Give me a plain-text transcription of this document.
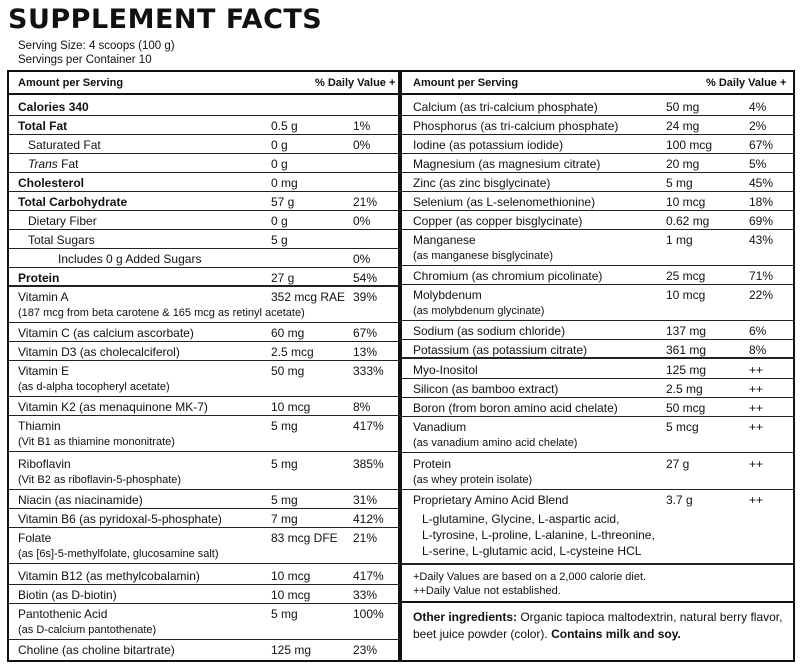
SUPPLEMENT FACTS
Serving Size: 4 scoops (100 g)
Servings per Container 10
Amount per Serving	% Daily Value + Amount per Serving	% Daily Value +
Calories 340
Total Fat	0.5 g	1%
Saturated Fat	0 g	0%
Trans Fat	0 g
Cholesterol	0 mg
Total Carbohydrate	57 g	21%
Dietary Fiber	0 g	0%
Total Sugars	5 g
Includes 0 g Added Sugars	0%
Protein	27 g	54%
Vitamin A	352 mcg RAE 39%
(187 mcg from beta carotene & 165 mcg as retinyl acetate)
Vitamin C (as calcium ascorbate)	60 mg	67%
Vitamin D3 (as cholecalciferol)	2.5 mcg	13%
Vitamin E	50 mg	333%
(as d-alpha tocopheryl acetate)
Vitamin K2 (as menaquinone MK-7)	10 mcg	8%
Thiamin	5 mg	417%
(Vit B1 as thiamine mononitrate)
Riboflavin	5 mg	385%
(Vit B2 as riboflavin-5-phosphate)
Niacin (as niacinamide)	5 mg	31%
Vitamin B6 (as pyridoxal-5-phosphate)	7 mg	412%
Folate	83 mcg DFE 21%
(as [6s]-5-methylfolate, glucosamine salt)
Vitamin B12 (as methylcobalamin)	10 mcg	417%
Biotin (as D-biotin)	10 mcg	33%
Pantothenic Acid	5 mg	100%
(as D-calcium pantothenate)
Choline (as choline bitartrate)	125 mg	23%
Calcium (as tri-calcium phosphate)	50 mg	4%
Phosphorus (as tri-calcium phosphate)	24 mg	2%
Iodine (as potassium iodide)	100 mcg	67%
Magnesium (as magnesium citrate)	20 mg	5%
Zinc (as zinc bisglycinate)	5 mg	45%
Selenium (as L-selenomethionine)	10 mcg	18%
Copper (as copper bisglycinate)	0.62 mg	69%
Manganese	1 mg	43%
(as manganese bisglycinate)
Chromium (as chromium picolinate)	25 mcg	71%
Molybdenum	10 mcg	22%
(as molybdenum glycinate)
Sodium (as sodium chloride)	137 mg	6%
Potassium (as potassium citrate)	361 mg	8%
Myo-Inositol	125 mg	++
Silicon (as bamboo extract)	2.5 mg	++
Boron (from boron amino acid chelate)	50 mcg	++
Vanadium	5 mcg	++
(as vanadium amino acid chelate)
Protein	27 g	++
(as whey protein isolate)
Proprietary Amino Acid Blend	3.7 g	++
L-glutamine, Glycine, L-aspartic acid,
L-tyrosine, L-proline, L-alanine, L-threonine,
L-serine, L-glutamic acid, L-cysteine HCL
+Daily Values are based on a 2,000 calorie diet.
++Daily Value not established.
Other ingredients: Organic tapioca maltodextrin, natural berry flavor, beet juice powder (color). Contains milk and soy.
